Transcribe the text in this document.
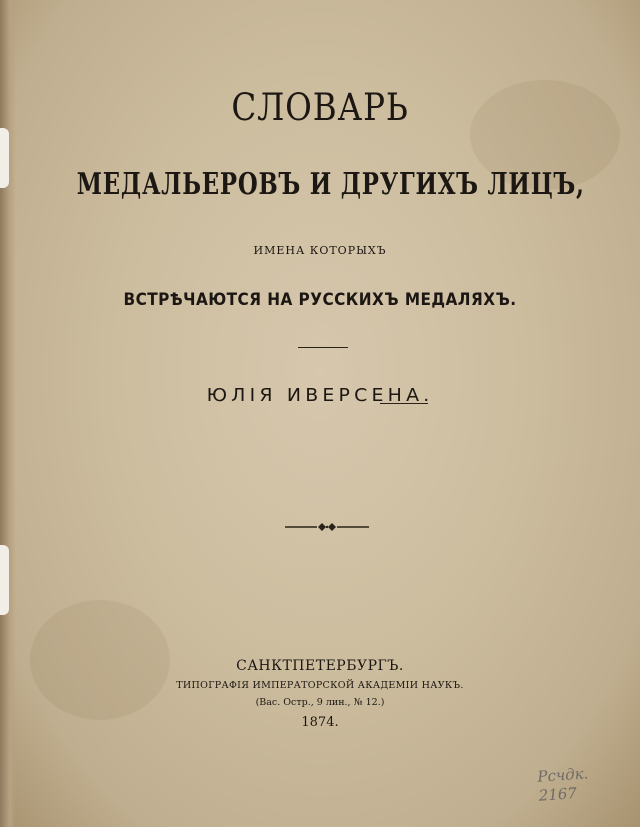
СЛОВАРЬ
МЕДАЛЬЕРОВЪ И ДРУГИХЪ ЛИЦЪ,
ИМЕНА КОТОРЫХЪ
ВСТРѢЧАЮТСЯ НА РУССКИХЪ МЕДАЛЯХЪ.
ЮЛІЯ ИВЕРСЕНА.
САНКТПЕТЕРБУРГЪ.
ТИПОГРАФІЯ ИМПЕРАТОРСКОЙ АКАДЕМІИ НАУКЪ.
(Вас. Остр., 9 лин., № 12.)
1874.
Рсчдк.
2167
